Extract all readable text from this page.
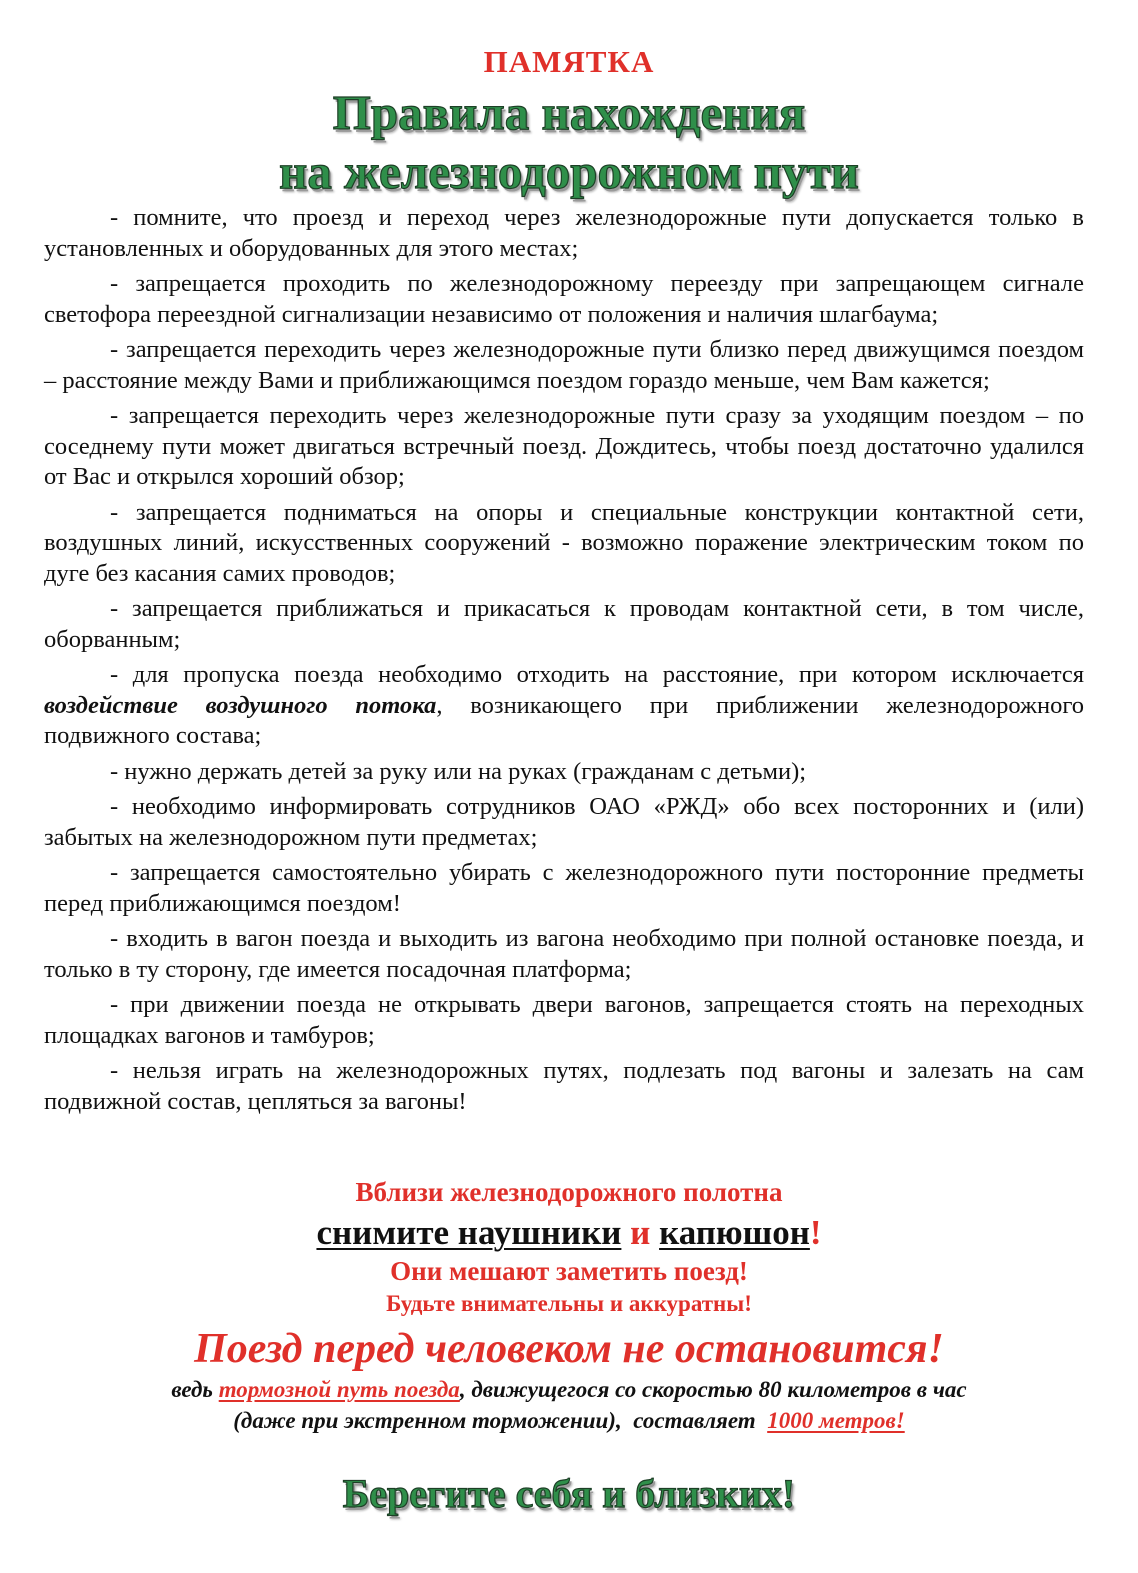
ПАМЯТКА
Правила нахождения
на железнодорожном пути

- помните, что проезд и переход через железнодорожные пути допускается только в установленных и оборудованных для этого местах;

- запрещается проходить по железнодорожному переезду при запрещающем сигнале светофора переездной сигнализации независимо от положения и наличия шлагбаума;

- запрещается переходить через железнодорожные пути близко перед движущимся поездом – расстояние между Вами и приближающимся поездом гораздо меньше, чем Вам кажется;

- запрещается переходить через железнодорожные пути сразу за уходящим поездом – по соседнему пути может двигаться встречный поезд. Дождитесь, чтобы поезд достаточно удалился от Вас и открылся хороший обзор;

- запрещается подниматься на опоры и специальные конструкции контактной сети, воздушных линий, искусственных сооружений - возможно поражение электрическим током по дуге без касания самих проводов;

- запрещается приближаться и прикасаться к проводам контактной сети, в том числе, оборванным;

- для пропуска поезда необходимо отходить на расстояние, при котором исключается воздействие воздушного потока, возникающего при приближении железнодорожного подвижного состава;

- нужно держать детей за руку или на руках (гражданам с детьми);

- необходимо информировать сотрудников ОАО «РЖД» обо всех посторонних и (или) забытых на железнодорожном пути предметах;

- запрещается самостоятельно убирать с железнодорожного пути посторонние предметы перед приближающимся поездом!

- входить в вагон поезда и выходить из вагона необходимо при полной остановке поезда, и только в ту сторону, где имеется посадочная платформа;

- при движении поезда не открывать двери вагонов, запрещается стоять на переходных площадках вагонов и тамбуров;

- нельзя играть на железнодорожных путях, подлезать под вагоны и залезать на сам подвижной состав, цепляться за вагоны!

Вблизи железнодорожного полотна
снимите наушники и капюшон!
Они мешают заметить поезд!
Будьте внимательны и аккуратны!
Поезд перед человеком не остановится!
ведь тормозной путь поезда, движущегося со скоростью 80 километров в час
(даже при экстренном торможении),  составляет  1000 метров!
Берегите себя и близких!
